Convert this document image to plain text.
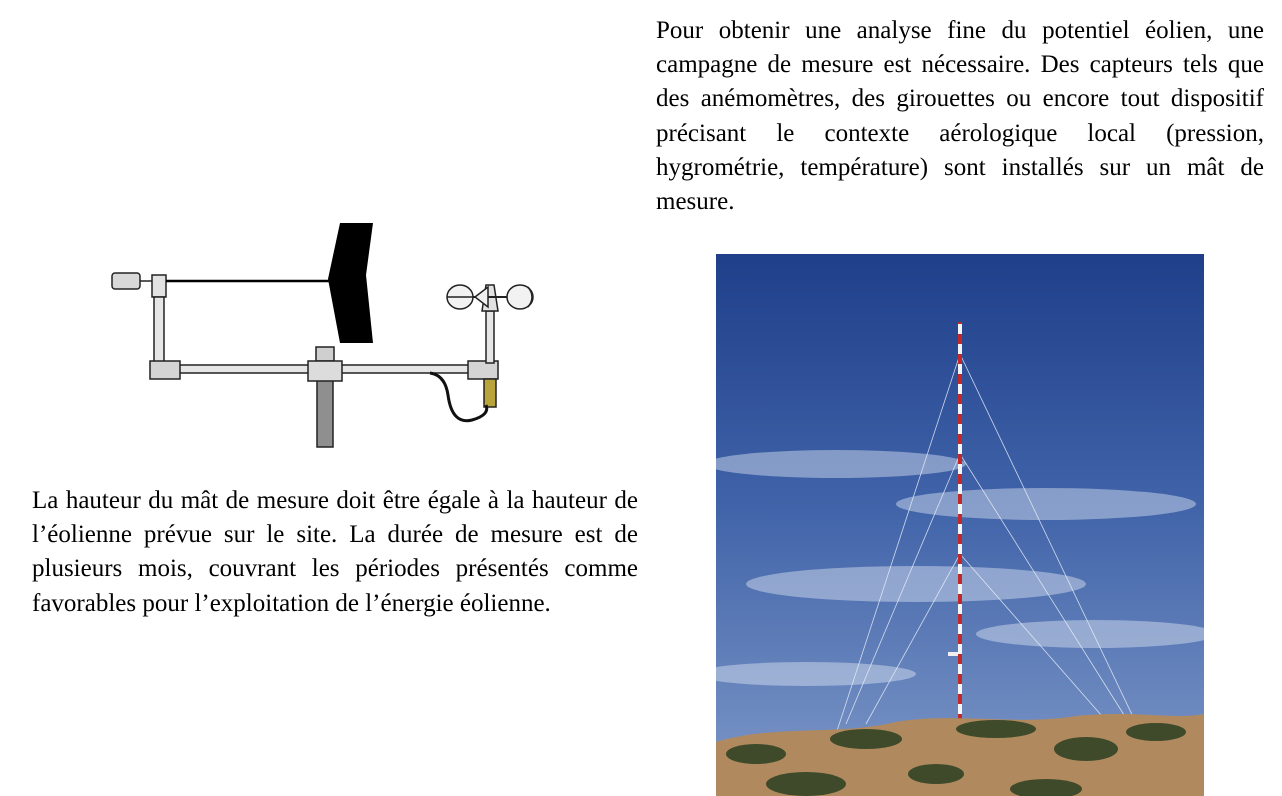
Pour obtenir une analyse fine du potentiel éolien, une campagne de mesure est nécessaire. Des capteurs tels que des anémomètres, des girouettes ou encore tout dispositif précisant le contexte aérologique local (pression, hygrométrie, température) sont installés sur un mât de mesure.

La hauteur du mât de mesure doit être égale à la hauteur de l’éolienne prévue sur le site. La durée de mesure est de plusieurs mois, couvrant les périodes présentés comme favorables pour l’exploitation de l’énergie éolienne.
